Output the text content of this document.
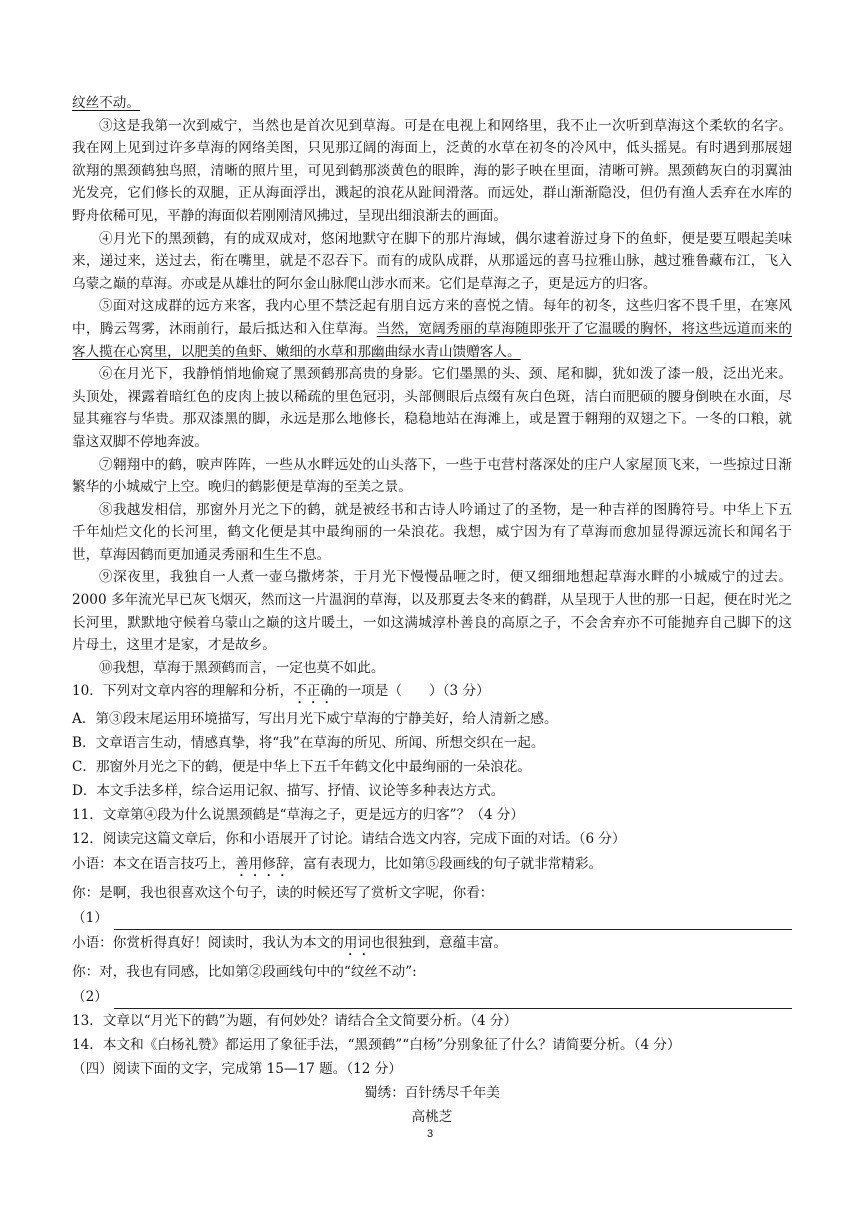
纹丝不动。

③这是我第一次到威宁，当然也是首次见到草海。可是在电视上和网络里，我不止一次听到草海这个柔软的名字。我在网上见到过许多草海的网络美图，只见那辽阔的海面上，泛黄的水草在初冬的冷风中，低头摇晃。有时遇到那展翅欲翔的黑颈鹤独鸟照，清晰的照片里，可见到鹤那淡黄色的眼眸，海的影子映在里面，清晰可辨。黑颈鹤灰白的羽翼油光发亮，它们修长的双腿，正从海面浮出，溅起的浪花从趾间滑落。而远处，群山渐渐隐没，但仍有渔人丢弃在水库的野舟依稀可见，平静的海面似若刚刚清风拂过，呈现出细浪渐去的画面。

④月光下的黑颈鹤，有的成双成对，悠闲地默守在脚下的那片海域，偶尔逮着游过身下的鱼虾，便是要互喂起美味来，递过来，送过去，衔在嘴里，就是不忍吞下。而有的成队成群，从那遥远的喜马拉雅山脉，越过雅鲁藏布江，飞入乌蒙之巅的草海。亦或是从雄壮的阿尔金山脉爬山涉水而来。它们是草海之子，更是远方的归客。

⑤面对这成群的远方来客，我内心里不禁泛起有朋自远方来的喜悦之情。每年的初冬，这些归客不畏千里，在寒风中，腾云驾雾，沐雨前行，最后抵达和入住草海。当然，宽阔秀丽的草海随即张开了它温暖的胸怀，将这些远道而来的客人揽在心窝里，以肥美的鱼虾、嫩细的水草和那幽曲绿水青山馈赠客人。

⑥在月光下，我静悄悄地偷窥了黑颈鹤那高贵的身影。它们墨黑的头、颈、尾和脚，犹如泼了漆一般，泛出光来。头顶处，裸露着暗红色的皮肉上披以稀疏的里色冠羽，头部侧眼后点缀有灰白色斑，洁白而肥硕的腰身倒映在水面，尽显其雍容与华贵。那双漆黑的脚，永远是那么地修长，稳稳地站在海滩上，或是置于翱翔的双翅之下。一冬的口粮，就靠这双脚不停地奔波。

⑦翱翔中的鹤，唳声阵阵，一些从水畔远处的山头落下，一些于屯营村落深处的庄户人家屋顶飞来，一些掠过日渐繁华的小城威宁上空。晚归的鹤影便是草海的至美之景。

⑧我越发相信，那窗外月光之下的鹤，就是被经书和古诗人吟诵过了的圣物，是一种吉祥的图腾符号。中华上下五千年灿烂文化的长河里，鹤文化便是其中最绚丽的一朵浪花。我想，威宁因为有了草海而愈加显得源远流长和闻名于世，草海因鹤而更加通灵秀丽和生生不息。

⑨深夜里，我独自一人煮一壶乌撒烤茶，于月光下慢慢品咂之时，便又细细地想起草海水畔的小城威宁的过去。2000 多年流光早已灰飞烟灭，然而这一片温润的草海，以及那夏去冬来的鹤群，从呈现于人世的那一日起，便在时光之长河里，默默地守候着乌蒙山之巅的这片暖土，一如这满城淳朴善良的高原之子，不会舍弃亦不可能抛弃自己脚下的这片母土，这里才是家，才是故乡。

⑩我想，草海于黑颈鹤而言，一定也莫不如此。

10．下列对文章内容的理解和分析，不正确的一项是（　　）（3 分）

A．第③段末尾运用环境描写，写出月光下威宁草海的宁静美好，给人清新之感。

B．文章语言生动，情感真挚，将“我”在草海的所见、所闻、所想交织在一起。

C．那窗外月光之下的鹤，便是中华上下五千年鹤文化中最绚丽的一朵浪花。

D．本文手法多样，综合运用记叙、描写、抒情、议论等多种表达方式。

11．文章第④段为什么说黑颈鹤是“草海之子，更是远方的归客”？（4 分）

12．阅读完这篇文章后，你和小语展开了讨论。请结合选文内容，完成下面的对话。（6 分）

小语：本文在语言技巧上，善用修辞，富有表现力，比如第⑤段画线的句子就非常精彩。

你：是啊，我也很喜欢这个句子，读的时候还写了赏析文字呢，你看：

（1）

小语：你赏析得真好！阅读时，我认为本文的用词也很独到，意蕴丰富。

你：对，我也有同感，比如第②段画线句中的“纹丝不动”:

（2）

13．文章以“月光下的鹤”为题，有何妙处？请结合全文简要分析。（4 分）

14．本文和《白杨礼赞》都运用了象征手法，“黑颈鹤”“白杨”分别象征了什么？请简要分析。（4 分）

（四）阅读下面的文字，完成第 15—17 题。（12 分）

蜀绣：百针绣尽千年美

高桃芝

3
